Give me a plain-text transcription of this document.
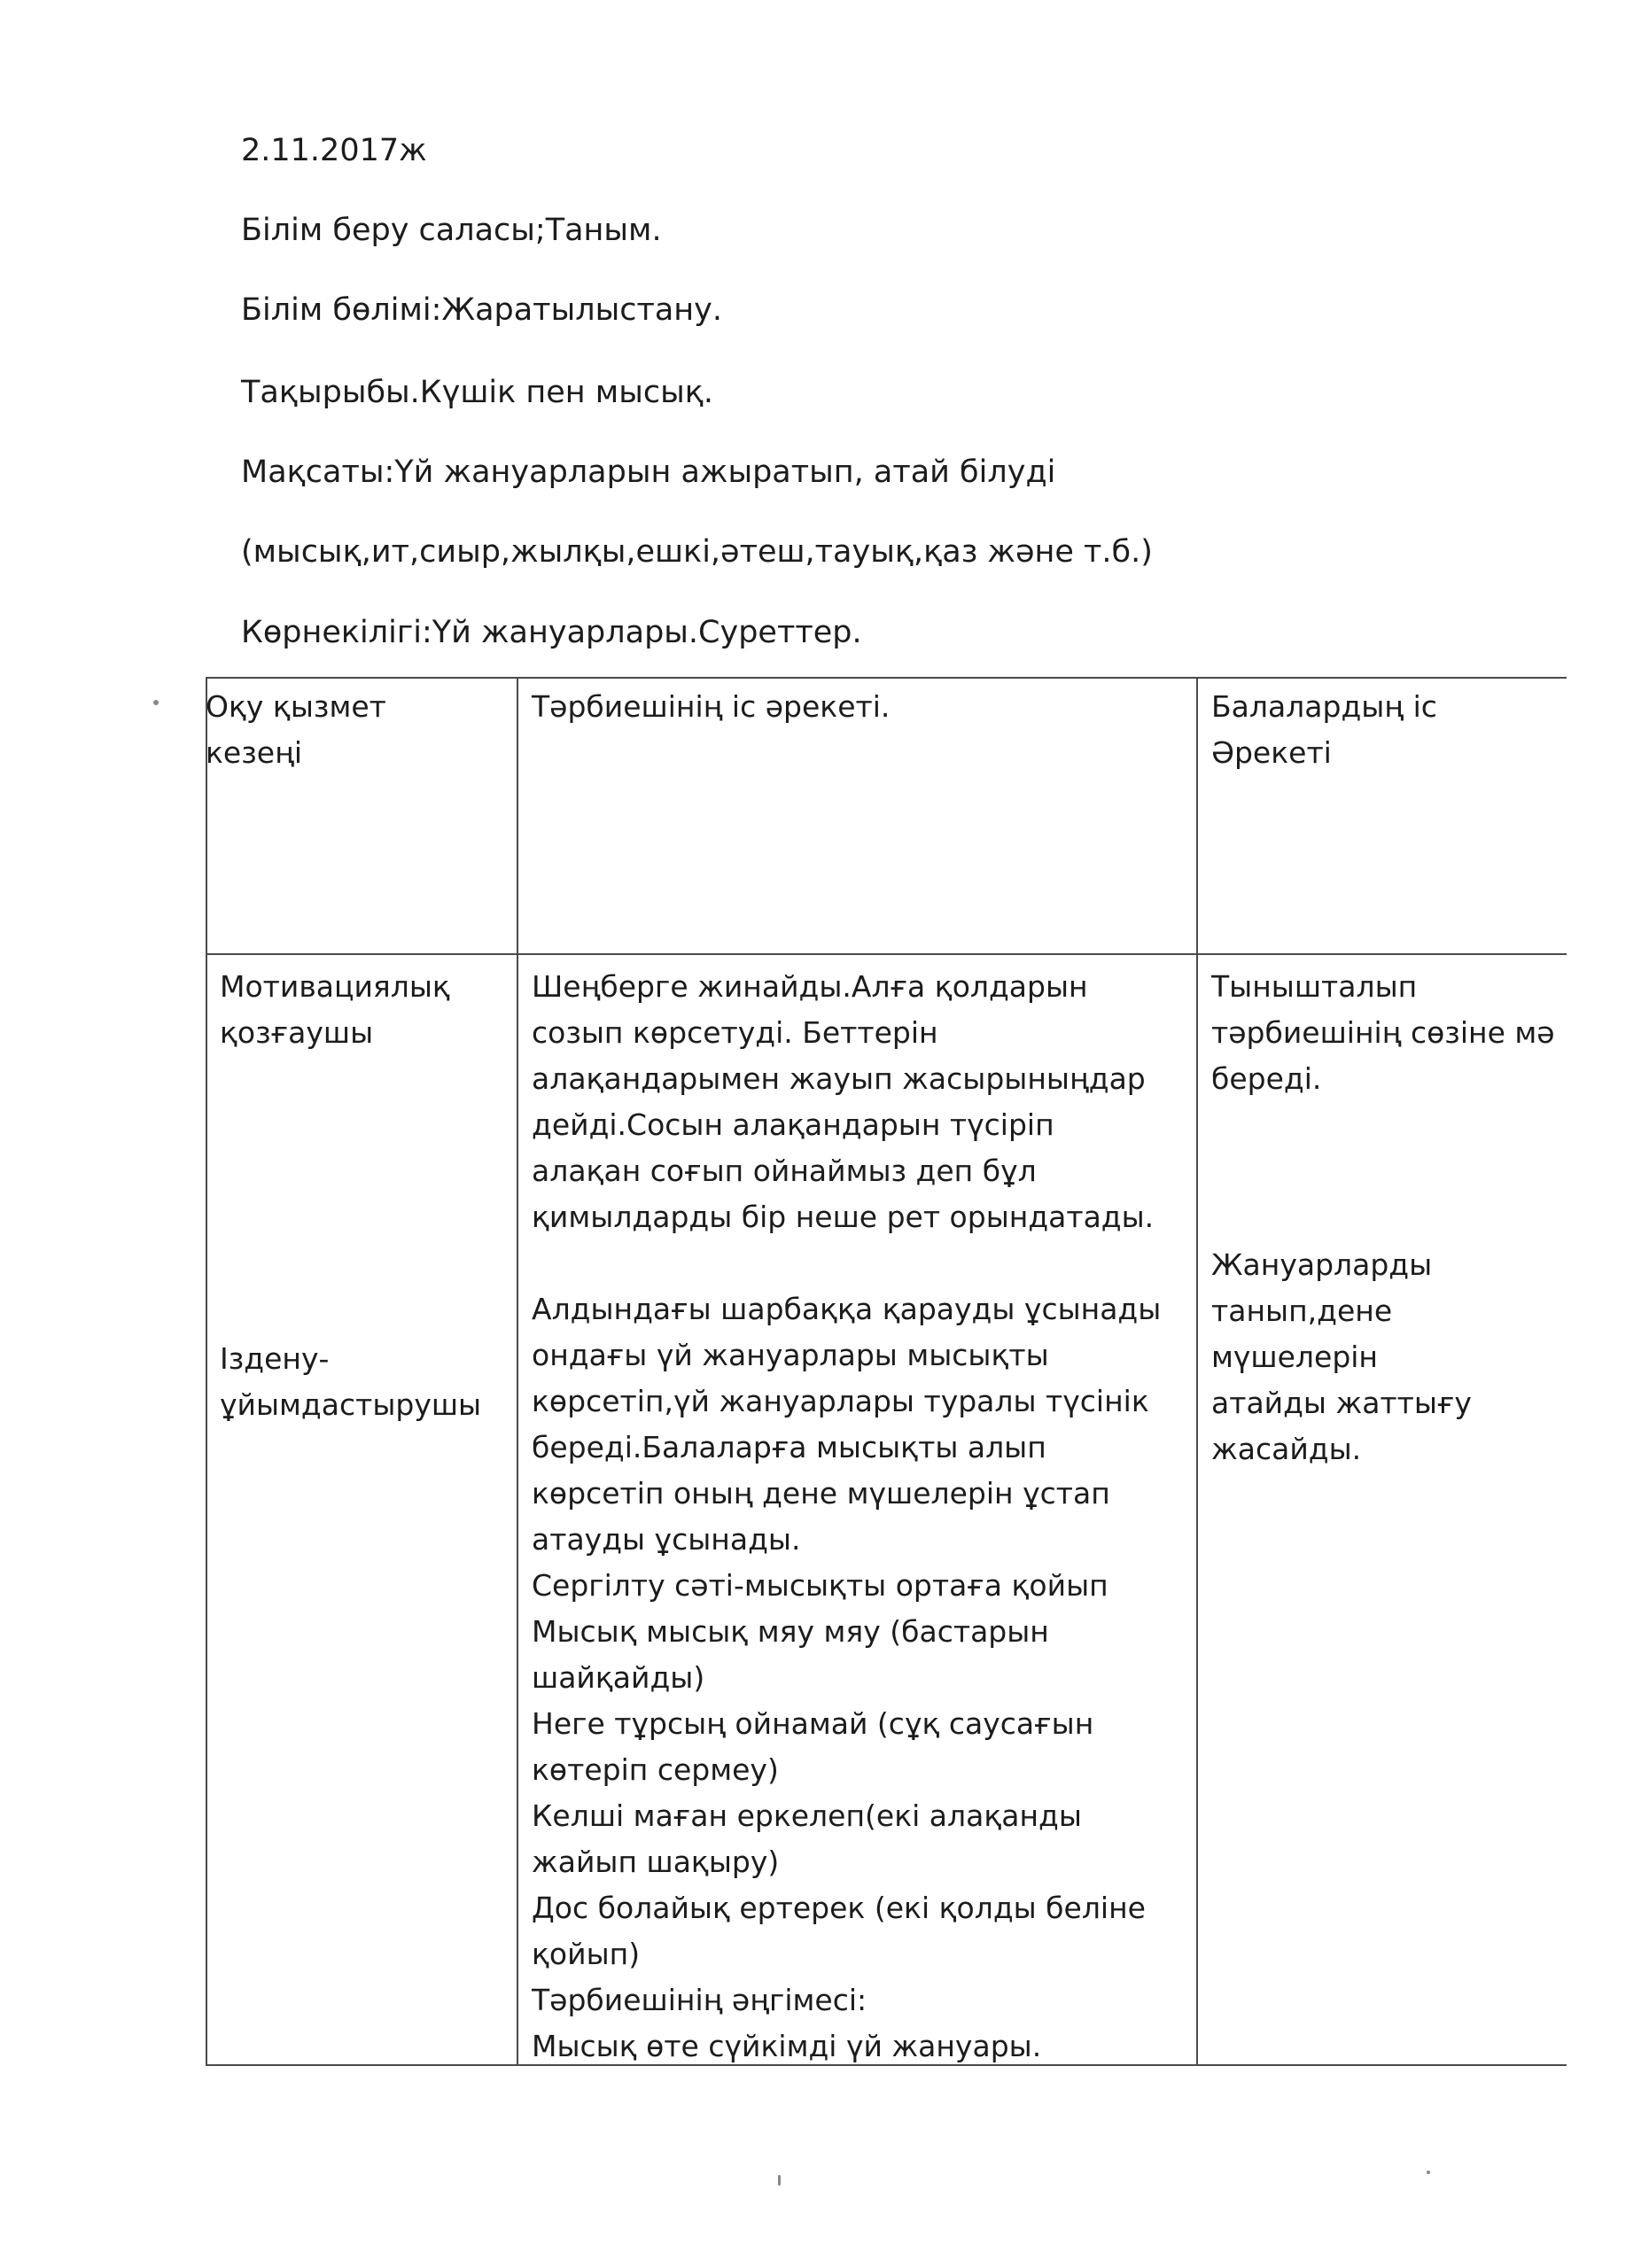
2.11.2017ж

Білім беру саласы;Таным.

Білім бөлімі:Жаратылыстану.

Тақырыбы.Күшік пен мысық.

Мақсаты:Үй жануарларын ажыратып, атай білуді

(мысық,ит,сиыр,жылқы,ешкі,әтеш,тауық,қаз және т.б.)

Көрнекілігі:Үй жануарлары.Суреттер.

Оқу қызмет
кезеңі
Тәрбиешінің іс әрекеті.	Балалардың іс
Әрекеті
Мотивациялық
қозғаушы
Іздену-
ұйымдастырушы
Шеңберге жинайды.Алға қолдарын
созып көрсетуді. Беттерін
алақандарымен жауып жасырыныңдар
дейді.Сосын алақандарын түсіріп
алақан соғып ойнаймыз деп бұл
қимылдарды бір неше рет орындатады.

Алдындағы шарбаққа қарауды ұсынады
ондағы үй жануарлары мысықты
көрсетіп,үй жануарлары туралы түсінік
береді.Балаларға мысықты алып
көрсетіп оның дене мүшелерін ұстап
атауды ұсынады.
Сергілту сәті-мысықты ортаға қойып
Мысық мысық мяу мяу (бастарын
шайқайды)
Неге тұрсың ойнамай (сұқ саусағын
көтеріп сермеу)
Келші маған еркелеп(екі алақанды
жайып шақыру)
Дос болайық ертерек (екі қолды беліне
қойып)
Тәрбиешінің әңгімесі:
Мысық өте сүйкімді үй жануары.
Тынышталып
тәрбиешінің сөзіне мә
береді.
Жануарларды
танып,дене мүшелерін
атайды жаттығу
жасайды.
